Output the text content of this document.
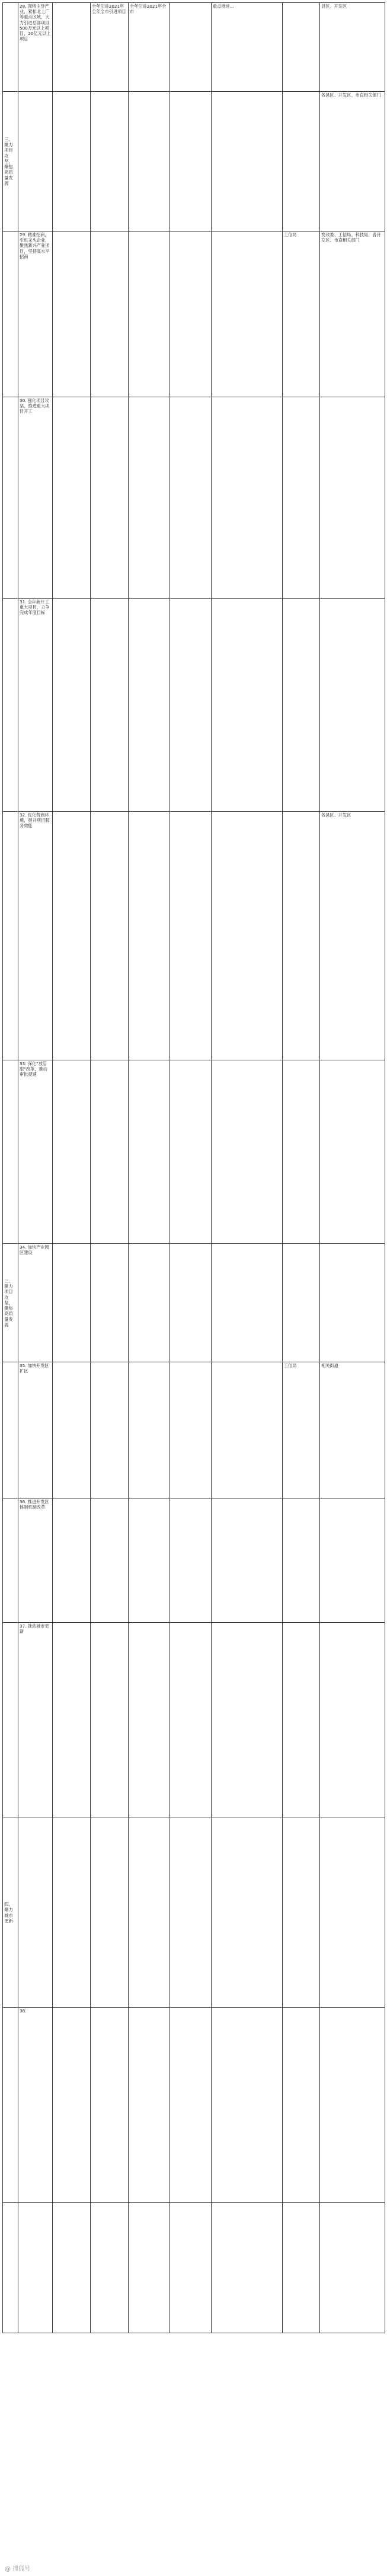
	28. 围绕主导产业，紧扣北上广等重点区域，大力引进总部项目500万元以上项目，20亿元以上项目		全年引进2021年全年全市引进项目	全年引进2021年全市		重点推进...		县区、开发区
三、聚力项目攻坚，聚焦高质量发展								各县区、开发区、市直相关部门
	29. 精准招商，引进龙头企业，聚焦新兴产业项目，坚持高水平招商						工信局	发改委、工信局、科技局、各开发区、市直相关部门
	30. 强化项目攻坚，推进重大项目开工							
	31. 全年新开工重大项目，力争完成年度目标							
	32. 优化营商环境，提升项目服务效能							各县区、开发区
	33. 深化“放管服”改革，推动审批提速							
三、聚力项目攻坚，聚焦高质量发展	34. 加快产业园区建设							
	35. 加快开发区扩区						工信局	相关街道
	36. 推进开发区体制机制改革							
	37. 推动城市更新							
四、聚力城市更新								
	38.							

@ 搜狐号
